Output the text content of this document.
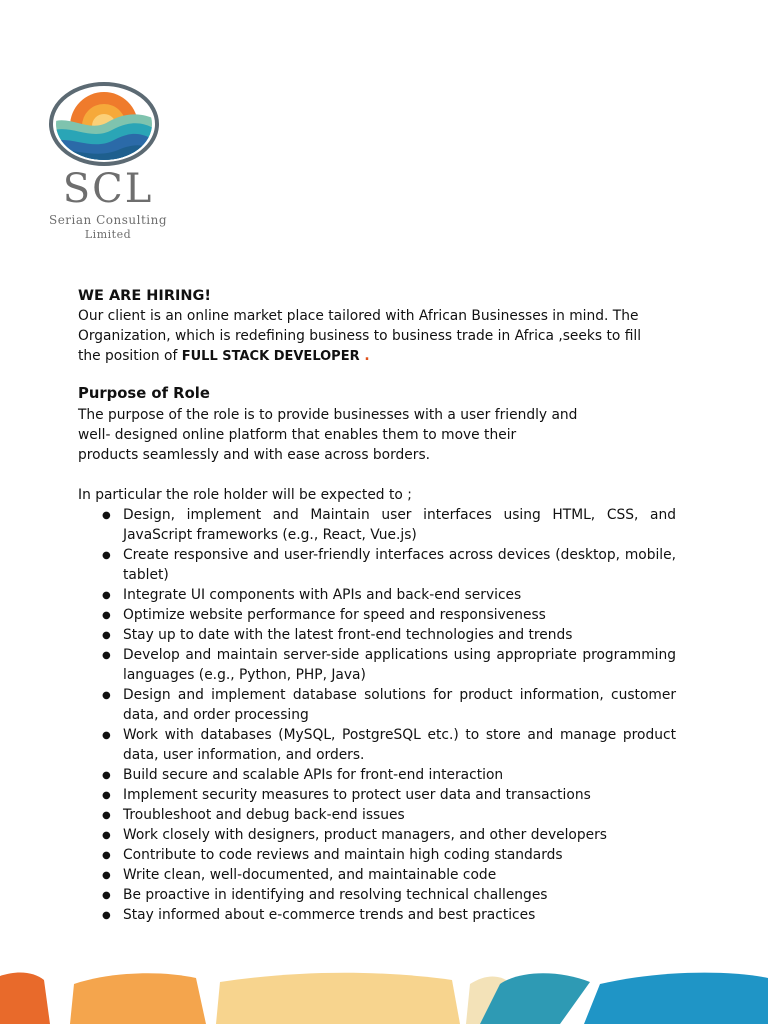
SCL
Serian Consulting
Limited
WE ARE HIRING!

Our client is an online market place tailored with African Businesses in mind. The

Organization, which is redefining business to business trade in Africa ,seeks to fill

the position of FULL STACK DEVELOPER .

Purpose of Role

The purpose of the role is to provide businesses with a user friendly and

well- designed online platform that enables them to move their

products seamlessly and with ease across borders.

In particular the role holder will be expected to ;

● Design, implement and Maintain user interfaces using HTML, CSS, and JavaScript frameworks (e.g., React, Vue.js)
● Create responsive and user-friendly interfaces across devices (desktop, mobile, tablet)
● Integrate UI components with APIs and back-end services
● Optimize website performance for speed and responsiveness
● Stay up to date with the latest front-end technologies and trends
● Develop and maintain server-side applications using appropriate programming languages (e.g., Python, PHP, Java)
● Design and implement database solutions for product information, customer data, and order processing
● Work with databases (MySQL, PostgreSQL etc.) to store and manage product data, user information, and orders.
● Build secure and scalable APIs for front-end interaction
● Implement security measures to protect user data and transactions
● Troubleshoot and debug back-end issues
● Work closely with designers, product managers, and other developers
● Contribute to code reviews and maintain high coding standards
● Write clean, well-documented, and maintainable code
● Be proactive in identifying and resolving technical challenges
● Stay informed about e-commerce trends and best practices
